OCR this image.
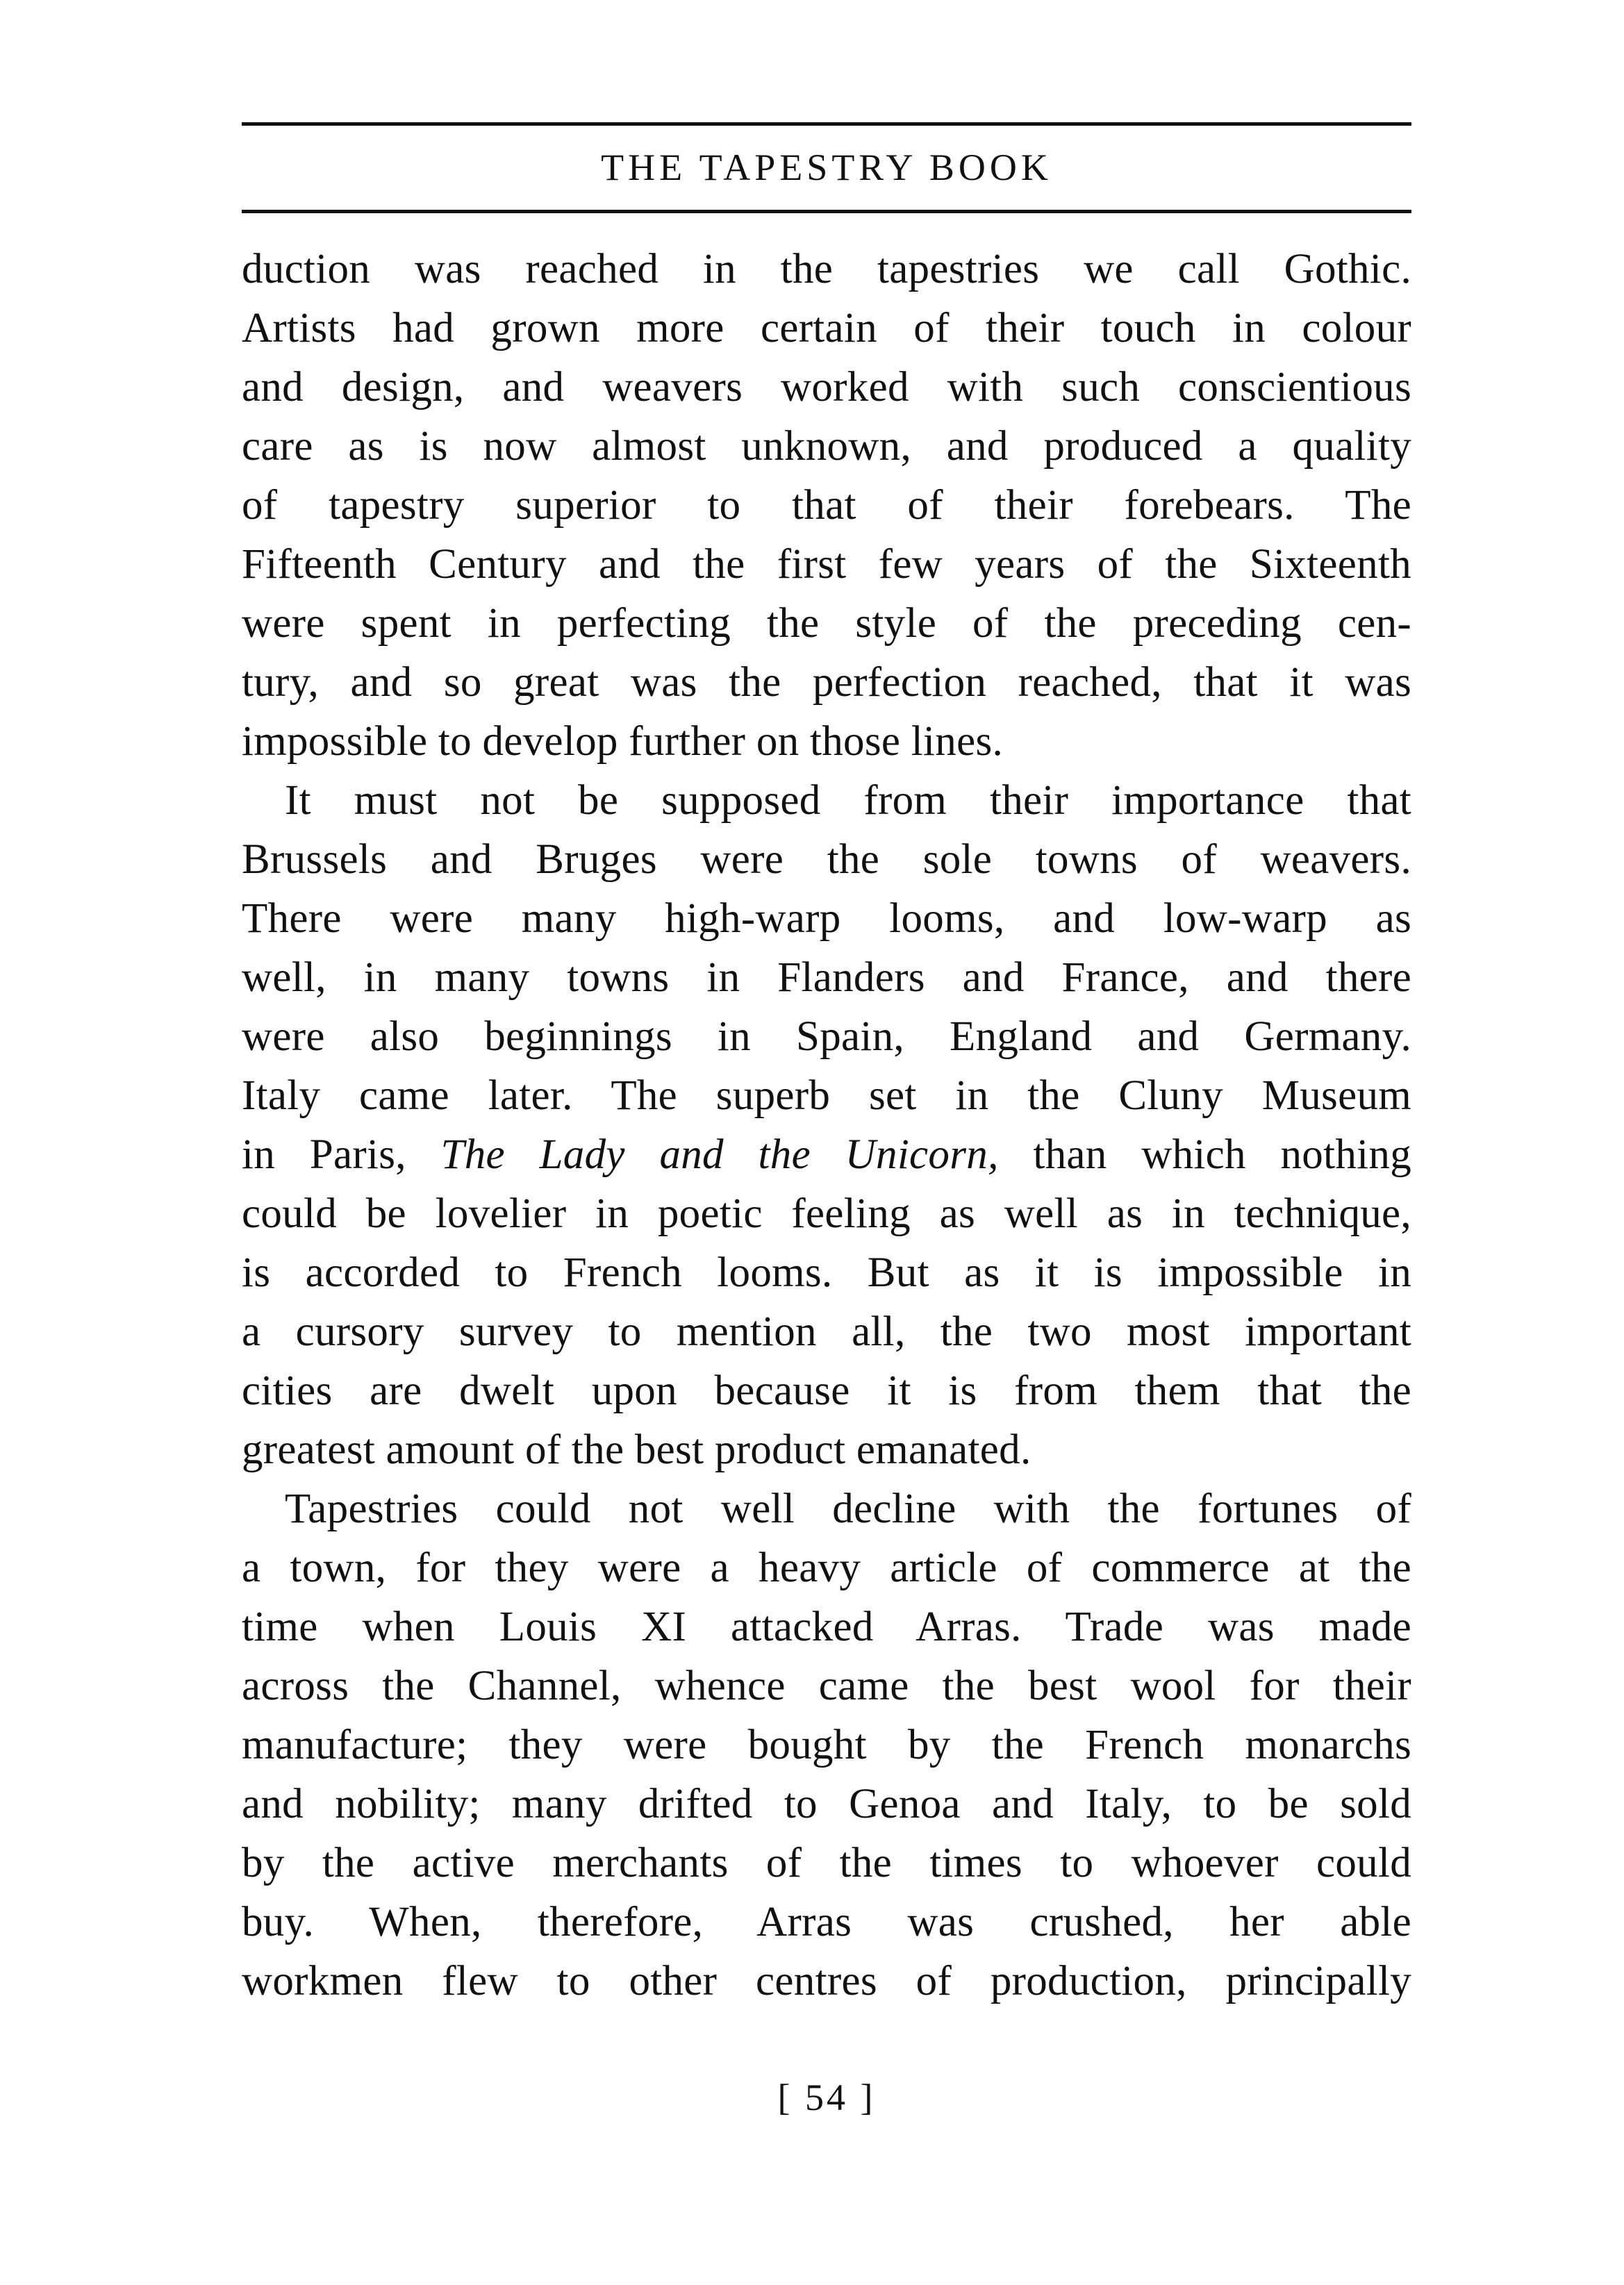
THE TAPESTRY BOOK
duction was reached in the tapestries we call Gothic.
Artists had grown more certain of their touch in colour
and design, and weavers worked with such conscientious
care as is now almost unknown, and produced a quality
of tapestry superior to that of their forebears. The
Fifteenth Century and the first few years of the Sixteenth
were spent in perfecting the style of the preceding cen-
tury, and so great was the perfection reached, that it was
impossible to develop further on those lines.
It must not be supposed from their importance that
Brussels and Bruges were the sole towns of weavers.
There were many high-warp looms, and low-warp as
well, in many towns in Flanders and France, and there
were also beginnings in Spain, England and Germany.
Italy came later. The superb set in the Cluny Museum
in Paris, The Lady and the Unicorn, than which nothing
could be lovelier in poetic feeling as well as in technique,
is accorded to French looms. But as it is impossible in
a cursory survey to mention all, the two most important
cities are dwelt upon because it is from them that the
greatest amount of the best product emanated.
Tapestries could not well decline with the fortunes of
a town, for they were a heavy article of commerce at the
time when Louis XI attacked Arras. Trade was made
across the Channel, whence came the best wool for their
manufacture; they were bought by the French monarchs
and nobility; many drifted to Genoa and Italy, to be sold
by the active merchants of the times to whoever could
buy. When, therefore, Arras was crushed, her able
workmen flew to other centres of production, principally
[ 54 ]
